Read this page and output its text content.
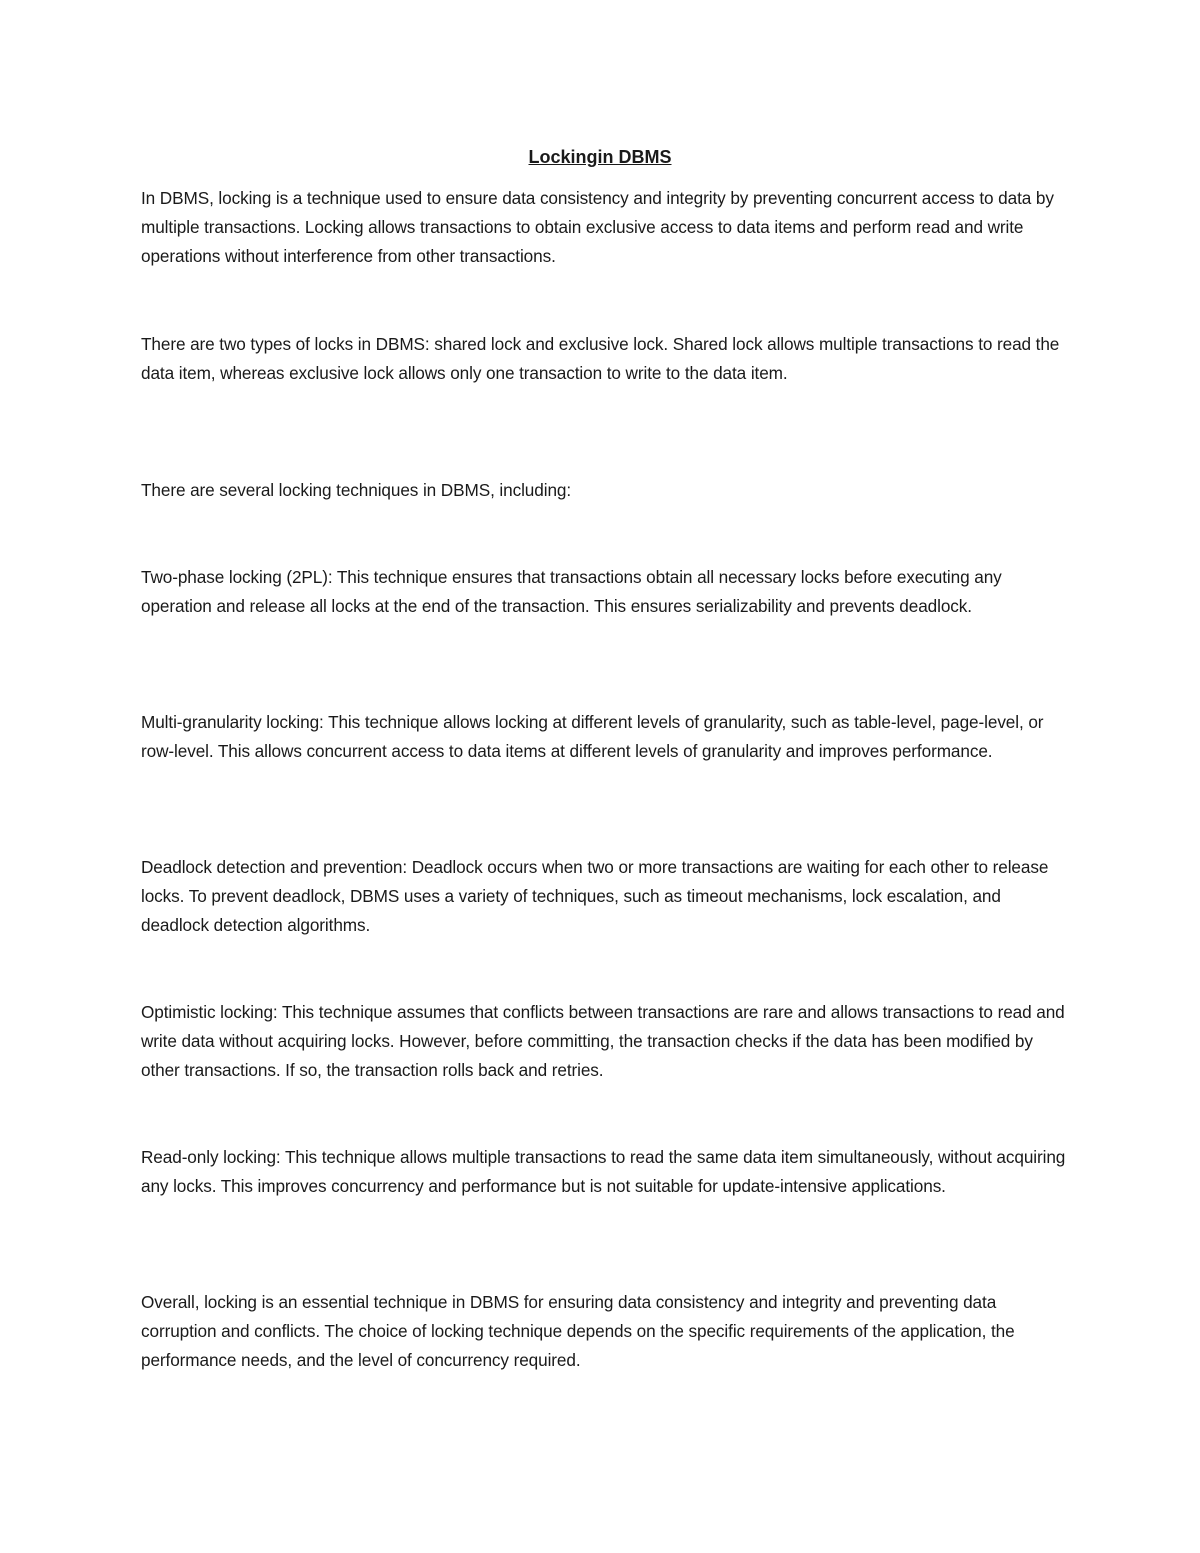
Lockingin DBMS

In DBMS, locking is a technique used to ensure data consistency and integrity by preventing concurrent access to data by multiple transactions. Locking allows transactions to obtain exclusive access to data items and perform read and write operations without interference from other transactions.

There are two types of locks in DBMS: shared lock and exclusive lock. Shared lock allows multiple transactions to read the data item, whereas exclusive lock allows only one transaction to write to the data item.

There are several locking techniques in DBMS, including:

Two-phase locking (2PL): This technique ensures that transactions obtain all necessary locks before executing any operation and release all locks at the end of the transaction. This ensures serializability and prevents deadlock.

Multi-granularity locking: This technique allows locking at different levels of granularity, such as table-level, page-level, or row-level. This allows concurrent access to data items at different levels of granularity and improves performance.

Deadlock detection and prevention: Deadlock occurs when two or more transactions are waiting for each other to release locks. To prevent deadlock, DBMS uses a variety of techniques, such as timeout mechanisms, lock escalation, and deadlock detection algorithms.

Optimistic locking: This technique assumes that conflicts between transactions are rare and allows transactions to read and write data without acquiring locks. However, before committing, the transaction checks if the data has been modified by other transactions. If so, the transaction rolls back and retries.

Read-only locking: This technique allows multiple transactions to read the same data item simultaneously, without acquiring any locks. This improves concurrency and performance but is not suitable for update-intensive applications.

Overall, locking is an essential technique in DBMS for ensuring data consistency and integrity and preventing data corruption and conflicts. The choice of locking technique depends on the specific requirements of the application, the performance needs, and the level of concurrency required.
